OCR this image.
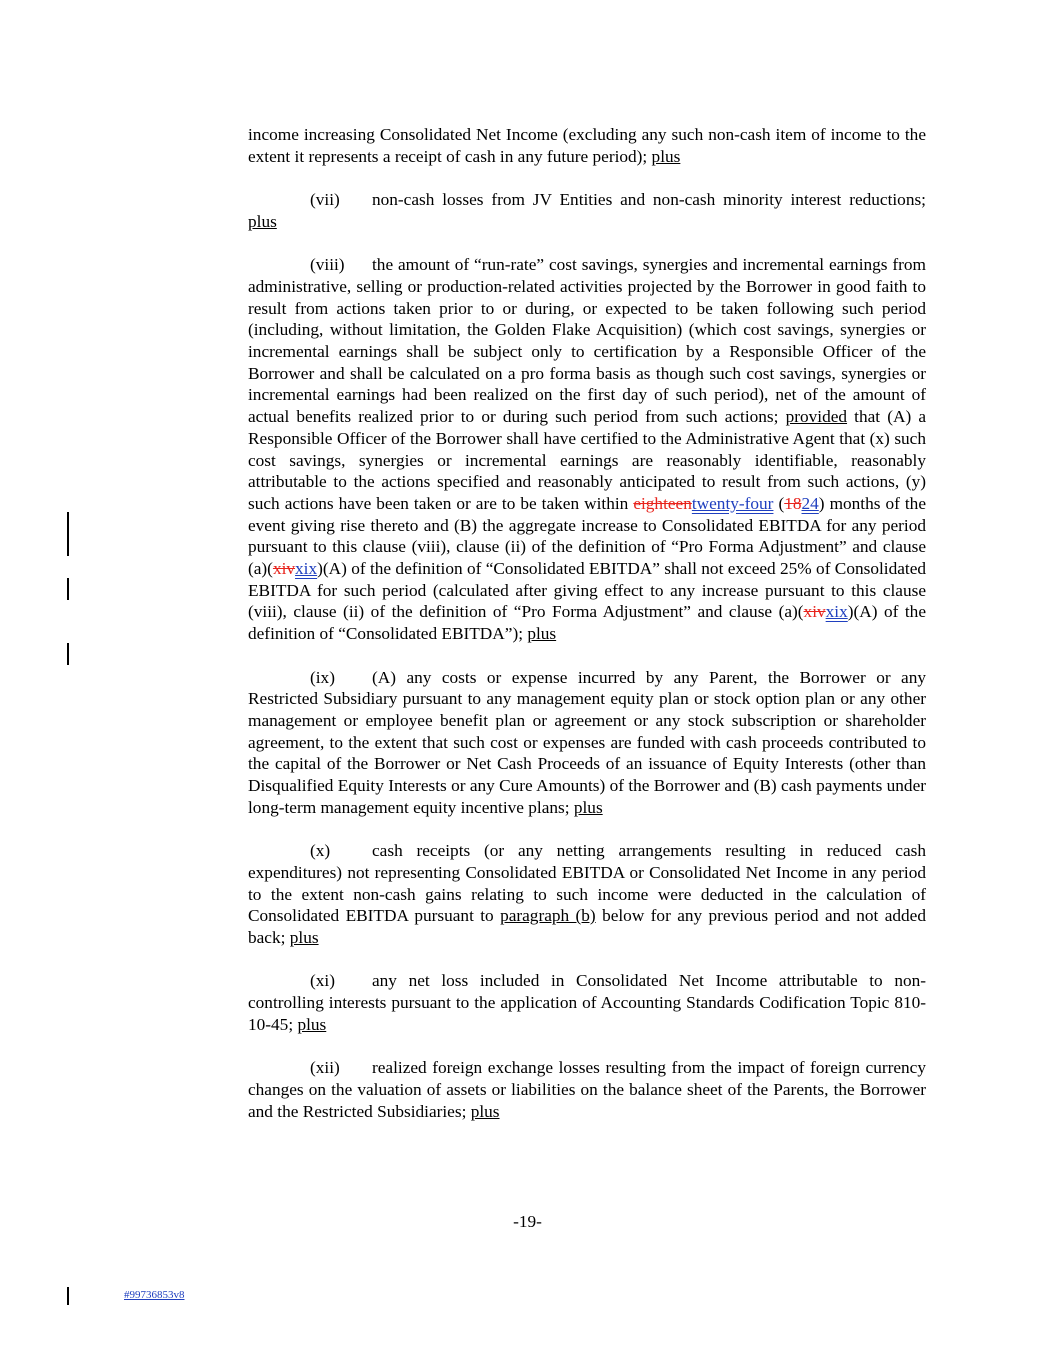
income increasing Consolidated Net Income (excluding any such non-cash item of income to the extent it represents a receipt of cash in any future period); plus

(vii) non-cash losses from JV Entities and non-cash minority interest reductions; plus

(viii) the amount of “run-rate” cost savings, synergies and incremental earnings from administrative, selling or production-related activities projected by the Borrower in good faith to result from actions taken prior to or during, or expected to be taken following such period (including, without limitation, the Golden Flake Acquisition) (which cost savings, synergies or incremental earnings shall be subject only to certification by a Responsible Officer of the Borrower and shall be calculated on a pro forma basis as though such cost savings, synergies or incremental earnings had been realized on the first day of such period), net of the amount of actual benefits realized prior to or during such period from such actions; provided that (A) a Responsible Officer of the Borrower shall have certified to the Administrative Agent that (x) such cost savings, synergies or incremental earnings are reasonably identifiable, reasonably attributable to the actions specified and reasonably anticipated to result from such actions, (y) such actions have been taken or are to be taken within eighteentwenty-four (1824) months of the event giving rise thereto and (B) the aggregate increase to Consolidated EBITDA for any period pursuant to this clause (viii), clause (ii) of the definition of “Pro Forma Adjustment” and clause (a)(xivxix)(A) of the definition of “Consolidated EBITDA” shall not exceed 25% of Consolidated EBITDA for such period (calculated after giving effect to any increase pursuant to this clause (viii), clause (ii) of the definition of “Pro Forma Adjustment” and clause (a)(xivxix)(A) of the definition of “Consolidated EBITDA”); plus

(ix) (A) any costs or expense incurred by any Parent, the Borrower or any Restricted Subsidiary pursuant to any management equity plan or stock option plan or any other management or employee benefit plan or agreement or any stock subscription or shareholder agreement, to the extent that such cost or expenses are funded with cash proceeds contributed to the capital of the Borrower or Net Cash Proceeds of an issuance of Equity Interests (other than Disqualified Equity Interests or any Cure Amounts) of the Borrower and (B) cash payments under long-term management equity incentive plans; plus

(x) cash receipts (or any netting arrangements resulting in reduced cash expenditures) not representing Consolidated EBITDA or Consolidated Net Income in any period to the extent non-cash gains relating to such income were deducted in the calculation of Consolidated EBITDA pursuant to paragraph (b) below for any previous period and not added back; plus

(xi) any net loss included in Consolidated Net Income attributable to non-controlling interests pursuant to the application of Accounting Standards Codification Topic 810-10-45; plus

(xii) realized foreign exchange losses resulting from the impact of foreign currency changes on the valuation of assets or liabilities on the balance sheet of the Parents, the Borrower and the Restricted Subsidiaries; plus

-19-
#99736853v8
